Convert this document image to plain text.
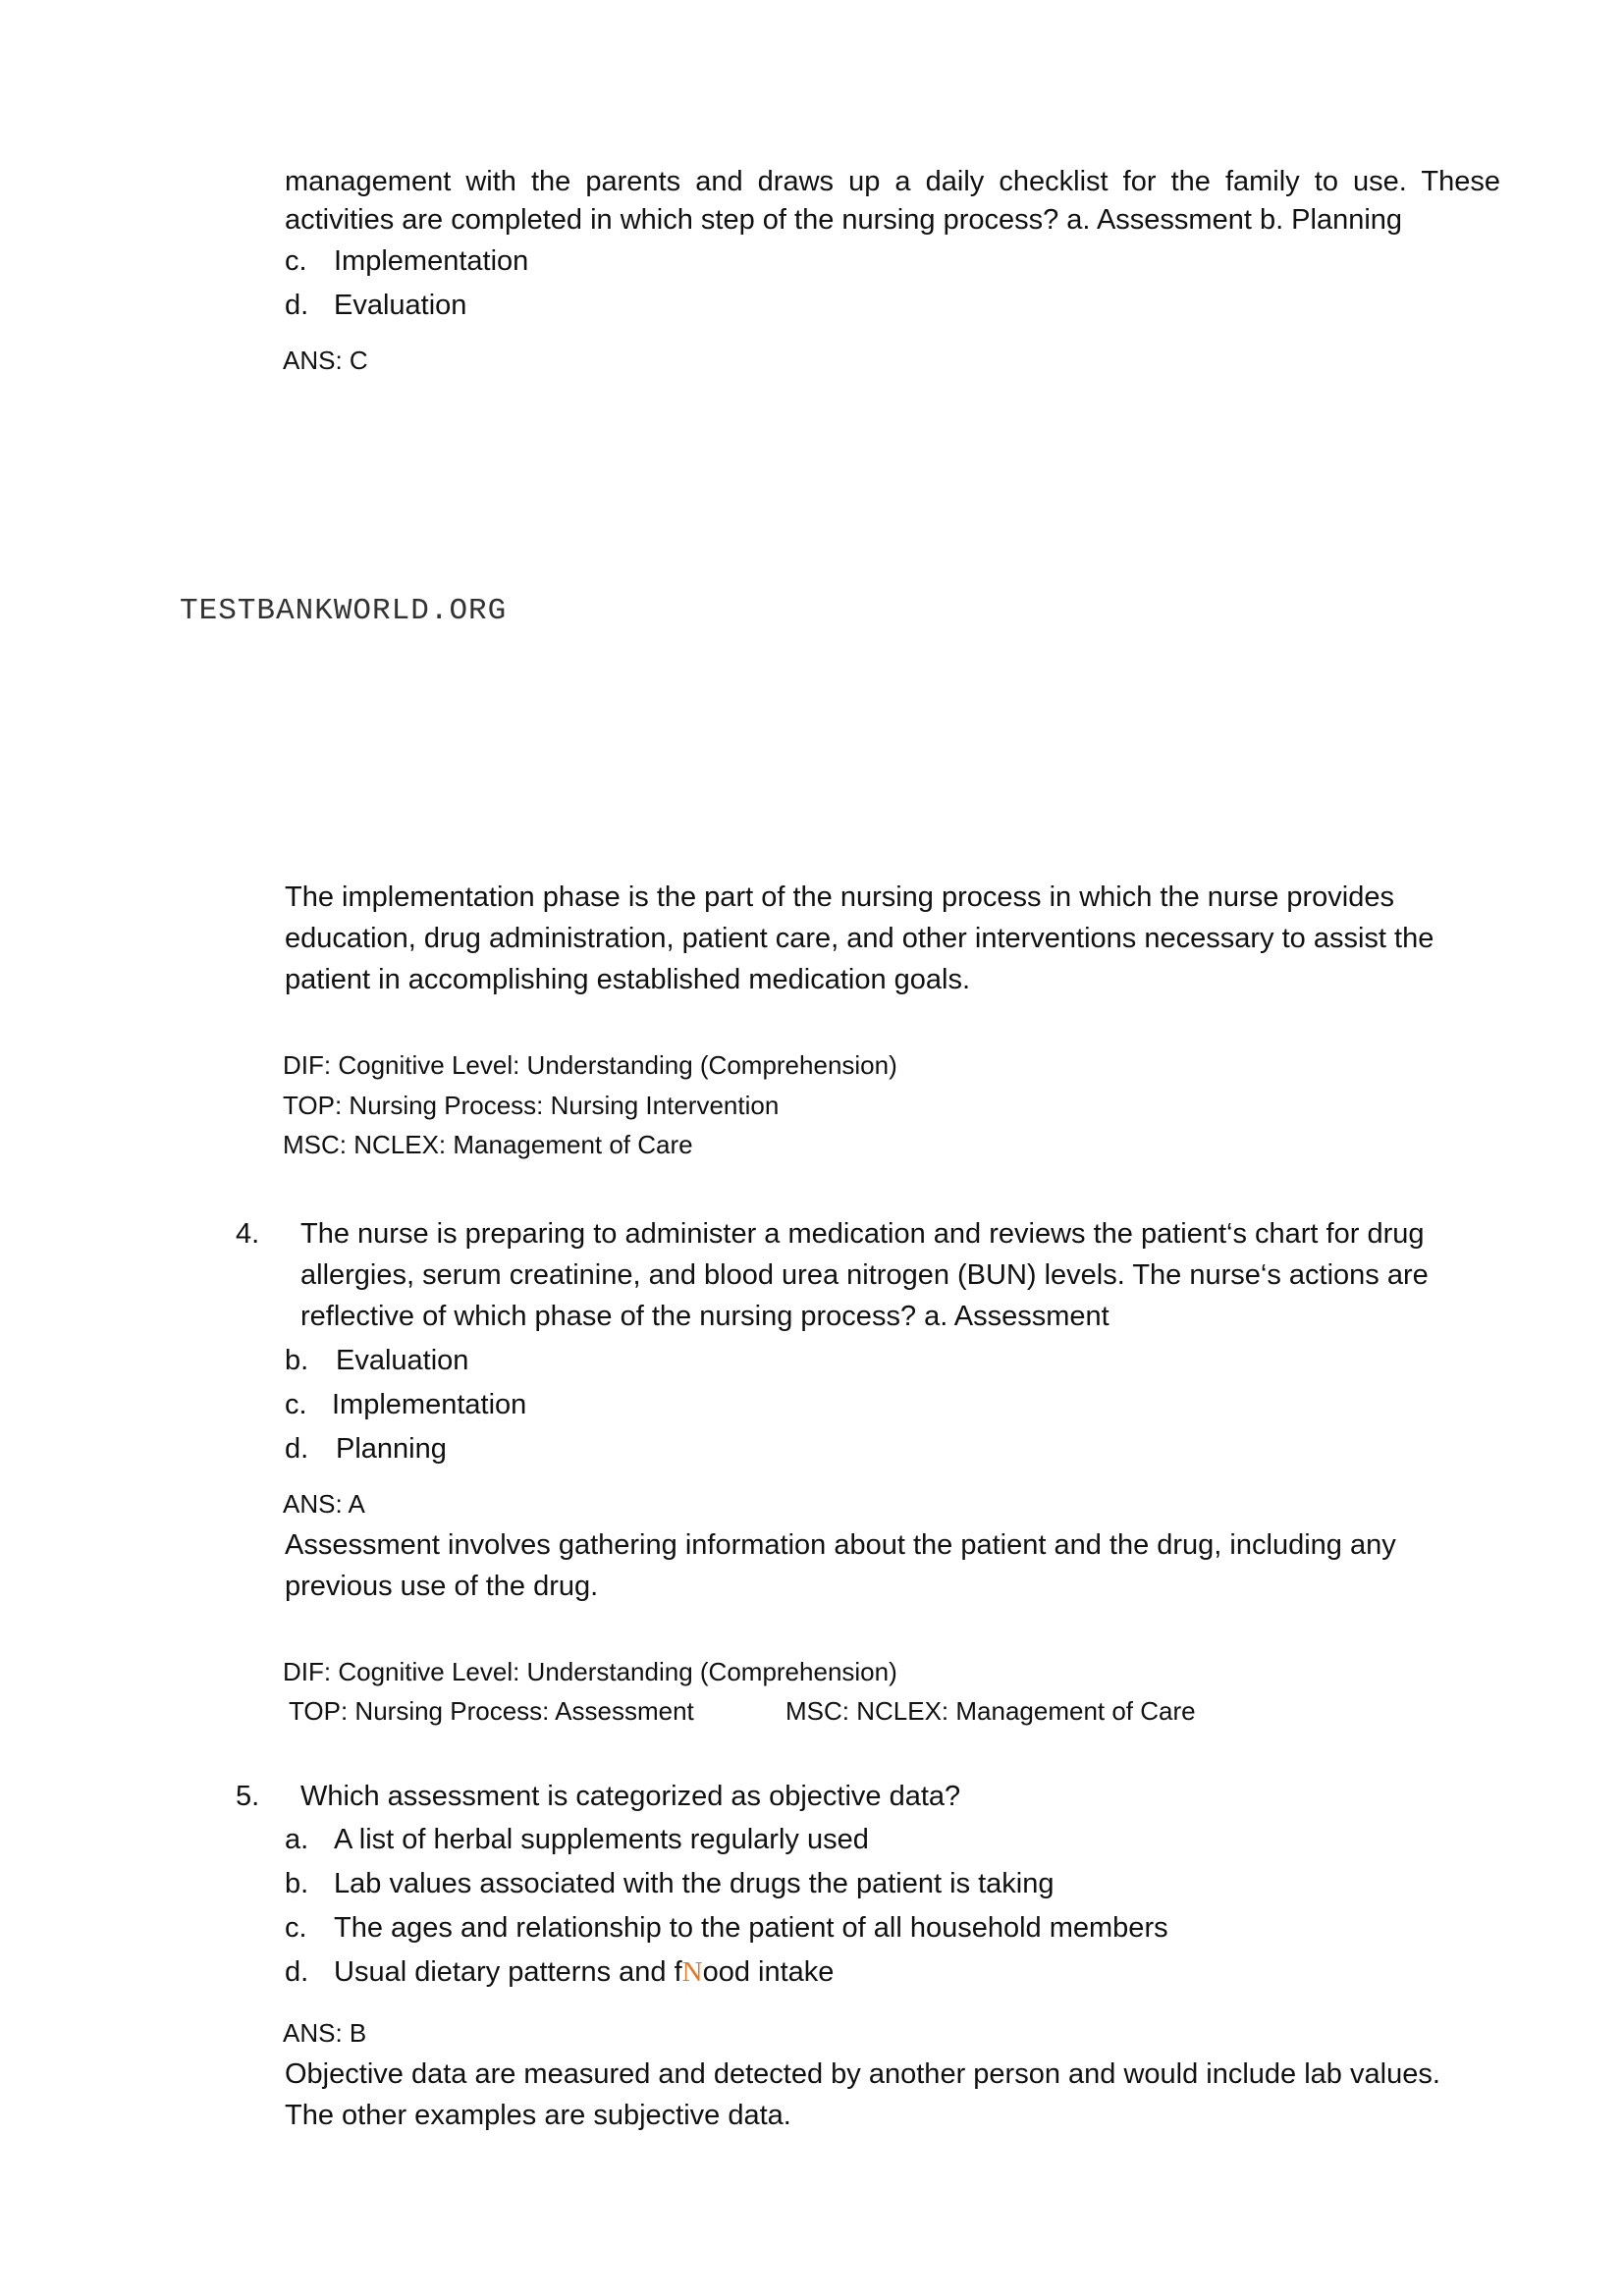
management with the parents and draws up a daily checklist for the family to use. These
activities are completed in which step of the nursing process? a. Assessment b. Planning
c. Implementation
d. Evaluation
ANS: C
TESTBANKWORLD.ORG
The implementation phase is the part of the nursing process in which the nurse provides
education, drug administration, patient care, and other interventions necessary to assist the
patient in accomplishing established medication goals.
DIF: Cognitive Level: Understanding (Comprehension)
TOP: Nursing Process: Nursing Intervention
MSC: NCLEX: Management of Care
4. The nurse is preparing to administer a medication and reviews the patient‘s chart for drug
allergies, serum creatinine, and blood urea nitrogen (BUN) levels. The nurse‘s actions are
reflective of which phase of the nursing process? a. Assessment
b. Evaluation
c. Implementation
d. Planning
ANS: A
Assessment involves gathering information about the patient and the drug, including any
previous use of the drug.
DIF: Cognitive Level: Understanding (Comprehension)
TOP: Nursing Process: Assessment	MSC: NCLEX: Management of Care
5. Which assessment is categorized as objective data?
a. A list of herbal supplements regularly used
b. Lab values associated with the drugs the patient is taking
c. The ages and relationship to the patient of all household members
d. Usual dietary patterns and fNood intake
ANS: B
Objective data are measured and detected by another person and would include lab values.
The other examples are subjective data.
